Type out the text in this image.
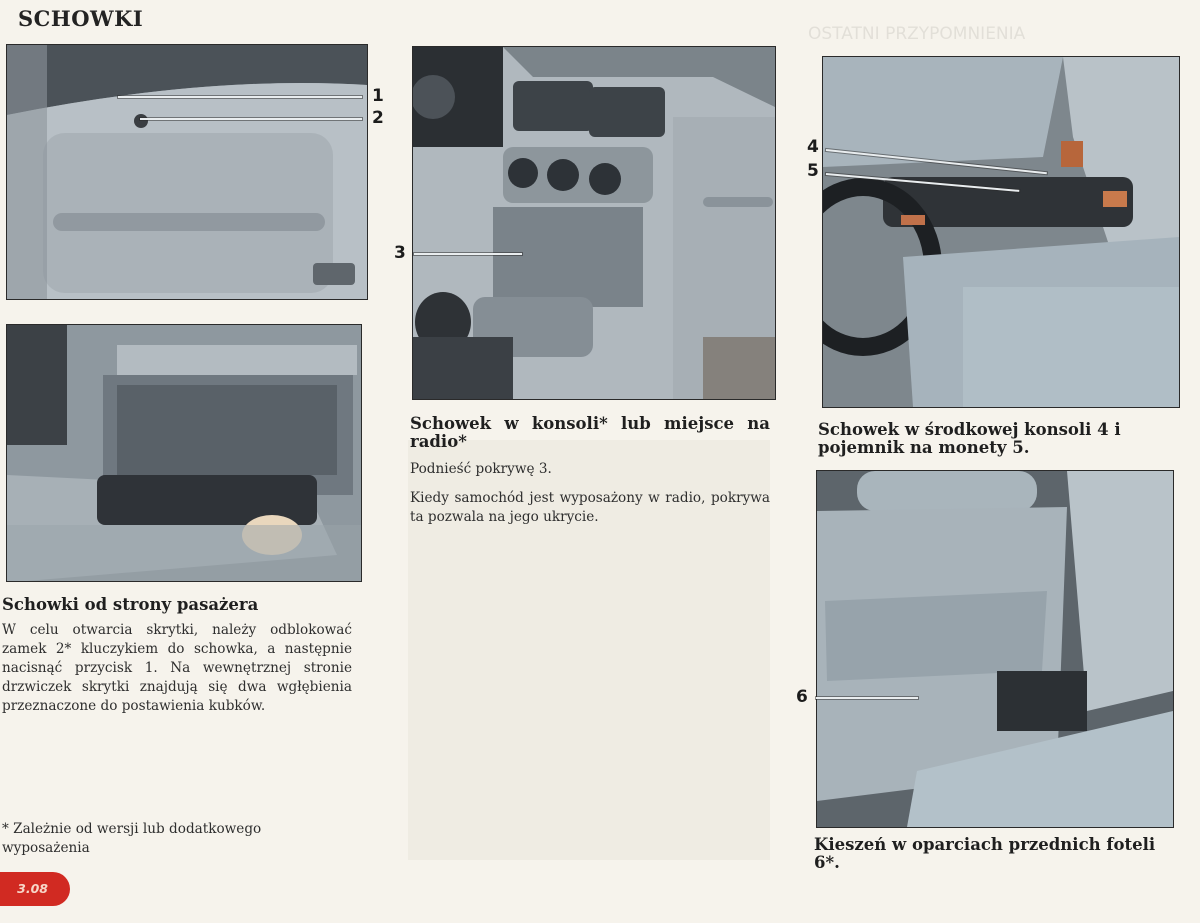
SCHOWKI
OSTATNI PRZYPOMNIENIA
1
2
Schowki od strony pasażera
W celu otwarcia skrytki, należy odblokować zamek 2* kluczykiem do schowka, a następnie nacisnąć przycisk 1. Na wewnętrznej stronie drzwiczek skrytki znajdują się dwa wgłębienia przeznaczone do postawienia kubków.
* Zależnie od wersji lub dodatkowego wyposażenia
3
Schowek w konsoli* lub miejsce na radio*
Podnieść pokrywę 3.
Kiedy samochód jest wyposażony w radio, pokrywa ta pozwala na jego ukrycie.
4
5
Schowek w środkowej konsoli 4 i pojemnik na monety 5.
6
Kieszeń w oparciach przednich foteli 6*.
3.08
